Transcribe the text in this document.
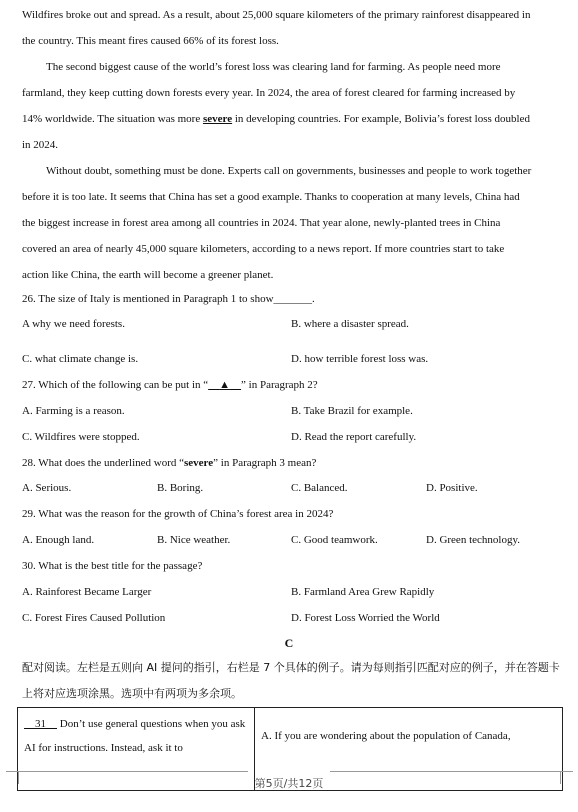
Wildfires broke out and spread. As a result, about 25,000 square kilometers of the primary rainforest disappeared in
the country. This meant fires caused 66% of its forest loss.
The second biggest cause of the world’s forest loss was clearing land for farming. As people need more
farmland, they keep cutting down forests every year. In 2024, the area of forest cleared for farming increased by
14% worldwide. The situation was more severe in developing countries. For example, Bolivia’s forest loss doubled
in 2024.
Without doubt, something must be done. Experts call on governments, businesses and people to work together
before it is too late. It seems that China has set a good example. Thanks to cooperation at many levels, China had
the biggest increase in forest area among all countries in 2024. That year alone, newly-planted trees in China
covered an area of nearly 45,000 square kilometers, according to a news report. If more countries start to take
action like China, the earth will become a greener planet.
26. The size of Italy is mentioned in Paragraph 1 to show_______.
A why we need forests.	B. where a disaster spread.
C. what climate change is.	D. how terrible forest loss was.
27. Which of the following can be put in “ ▲ ” in Paragraph 2?
A. Farming is a reason.	B. Take Brazil for example.
C. Wildfires were stopped.	D. Read the report carefully.
28. What does the underlined word “severe” in Paragraph 3 mean?
A. Serious.	B. Boring.	C. Balanced.	D. Positive.
29. What was the reason for the growth of China’s forest area in 2024?
A. Enough land.	B. Nice weather.	C. Good teamwork.	D. Green technology.
30. What is the best title for the passage?
A. Rainforest Became Larger	B. Farmland Area Grew Rapidly
C. Forest Fires Caused Pollution	D. Forest Loss Worried the World
C
配对阅读。左栏是五则向 AI 提问的指引，右栏是 7 个具体的例子。请为每则指引匹配对应的例子，并在答题卡上将对应选项涂黑。选项中有两项为多余项。
31     Don’t use general questions when you ask AI for instructions. Instead, ask it to	A. If you are wondering about the population of Canada,
第5页/共12页
